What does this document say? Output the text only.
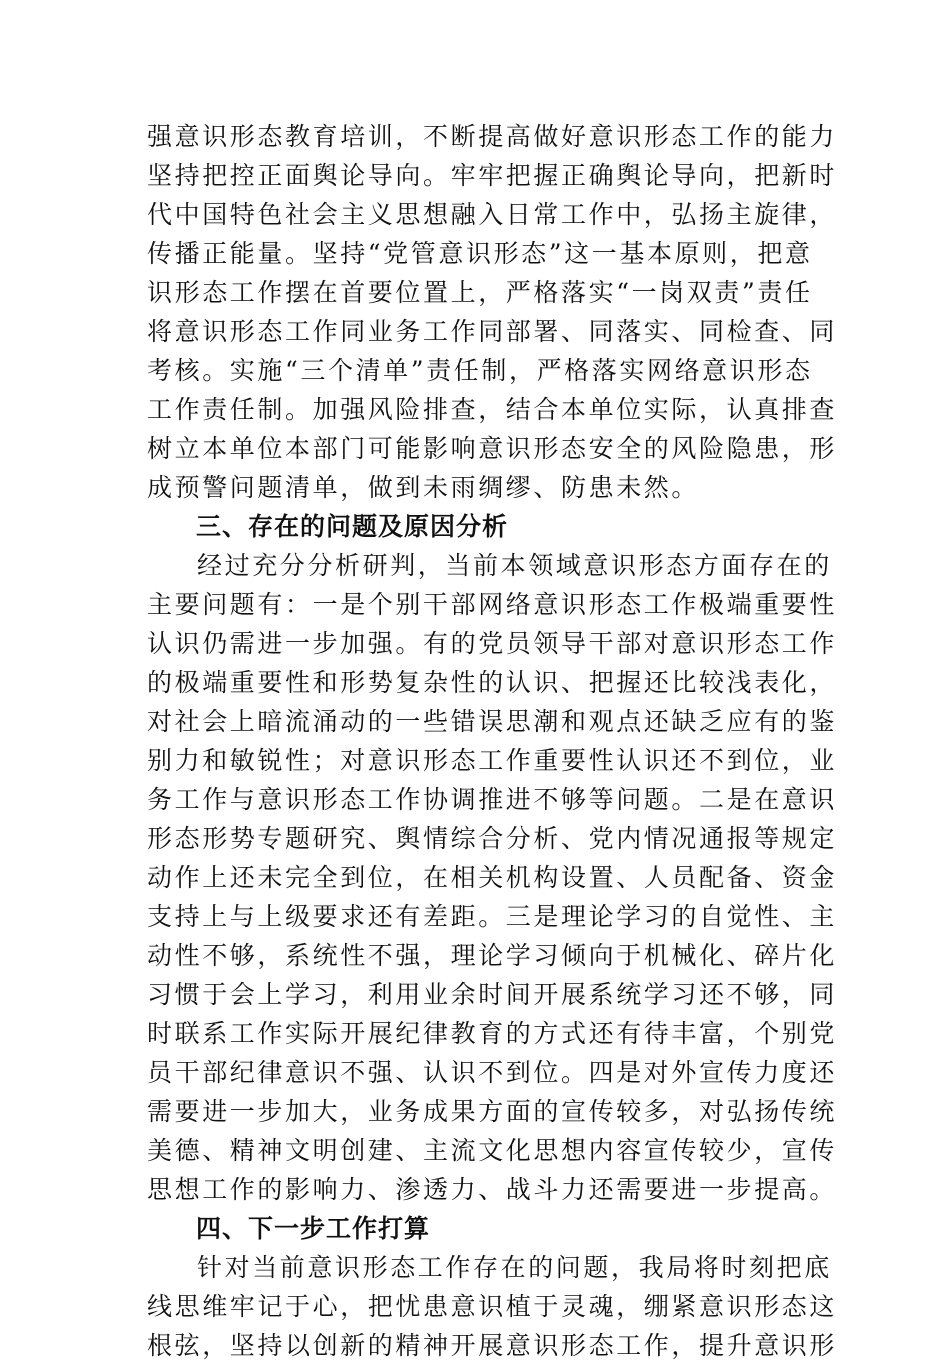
强意识形态教育培训，不断提高做好意识形态工作的能力
坚持把控正面舆论导向。牢牢把握正确舆论导向，把新时
代中国特色社会主义思想融入日常工作中，弘扬主旋律，
传播正能量。坚持“党管意识形态”这一基本原则，把意
识形态工作摆在首要位置上，严格落实“一岗双责”责任
将意识形态工作同业务工作同部署、同落实、同检查、同
考核。实施“三个清单”责任制，严格落实网络意识形态
工作责任制。加强风险排查，结合本单位实际，认真排查
树立本单位本部门可能影响意识形态安全的风险隐患，形
成预警问题清单，做到未雨绸缪、防患未然。
三、存在的问题及原因分析
经过充分分析研判，当前本领域意识形态方面存在的
主要问题有：一是个别干部网络意识形态工作极端重要性
认识仍需进一步加强。有的党员领导干部对意识形态工作
的极端重要性和形势复杂性的认识、把握还比较浅表化，
对社会上暗流涌动的一些错误思潮和观点还缺乏应有的鉴
别力和敏锐性；对意识形态工作重要性认识还不到位，业
务工作与意识形态工作协调推进不够等问题。二是在意识
形态形势专题研究、舆情综合分析、党内情况通报等规定
动作上还未完全到位，在相关机构设置、人员配备、资金
支持上与上级要求还有差距。三是理论学习的自觉性、主
动性不够，系统性不强，理论学习倾向于机械化、碎片化
习惯于会上学习，利用业余时间开展系统学习还不够，同
时联系工作实际开展纪律教育的方式还有待丰富，个别党
员干部纪律意识不强、认识不到位。四是对外宣传力度还
需要进一步加大，业务成果方面的宣传较多，对弘扬传统
美德、精神文明创建、主流文化思想内容宣传较少，宣传
思想工作的影响力、渗透力、战斗力还需要进一步提高。
四、下一步工作打算
针对当前意识形态工作存在的问题，我局将时刻把底
线思维牢记于心，把忧患意识植于灵魂，绷紧意识形态这
根弦，坚持以创新的精神开展意识形态工作，提升意识形
